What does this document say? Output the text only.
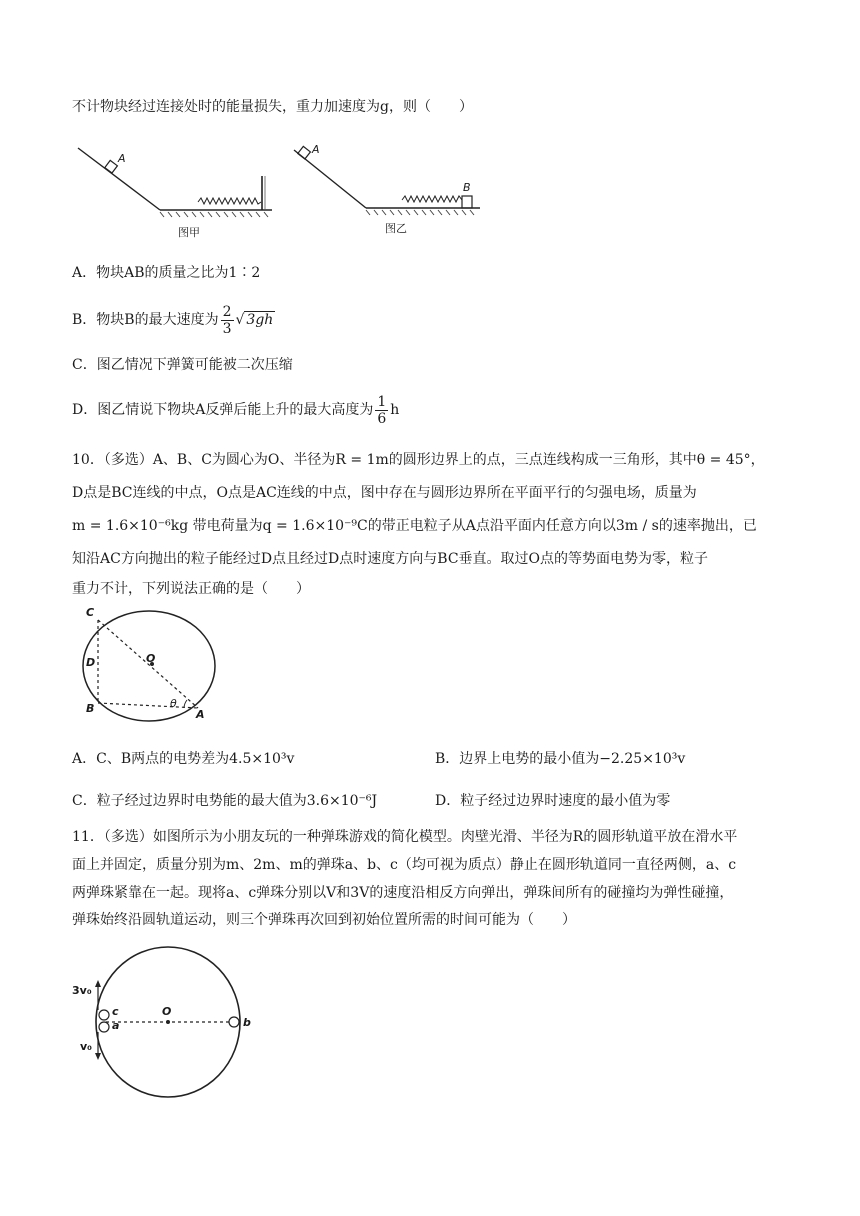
不计物块经过连接处时的能量损失，重力加速度为g，则（　　）
A
图甲
A
B
图乙
A．物块AB的质量之比为1∶2
B．物块B的最大速度为 $\frac{2}{3}$ √ 3gh
C．图乙情况下弹簧可能被二次压缩
D．图乙情说下物块A反弹后能上升的最大高度为 $\frac{1}{6}$ h
10．（多选）A、B、C为圆心为O、半径为R = 1m的圆形边界上的点，三点连线构成一三角形，其中θ = 45°，
D点是BC连线的中点，O点是AC连线的中点，图中存在与圆形边界所在平面平行的匀强电场，质量为
m = 1.6×10⁻⁶kg 带电荷量为q = 1.6×10⁻⁹C的带正电粒子从A点沿平面内任意方向以3m / s的速率抛出，已
知沿AC方向抛出的粒子能经过D点且经过D点时速度方向与BC垂直。取过O点的等势面电势为零，粒子
重力不计，下列说法正确的是（　　）
C
D	O
B	θ
A
A．C、B两点的电势差为4.5×10³v	B．边界上电势的最小值为−2.25×10³v
C．粒子经过边界时电势能的最大值为3.6×10⁻⁶J	D．粒子经过边界时速度的最小值为零
11．（多选）如图所示为小朋友玩的一种弹珠游戏的简化模型。肉壁光滑、半径为R的圆形轨道平放在滑水平
面上并固定，质量分别为m、2m、m的弹珠a、b、c（均可视为质点）静止在圆形轨道同一直径两侧，a、c
两弹珠紧靠在一起。现将a、c弹珠分别以V和3V的速度沿相反方向弹出，弹珠间所有的碰撞均为弹性碰撞，
弹珠始终沿圆轨道运动，则三个弹珠再次回到初始位置所需的时间可能为（　　）
3v₀
c
a
O
b
v₀
